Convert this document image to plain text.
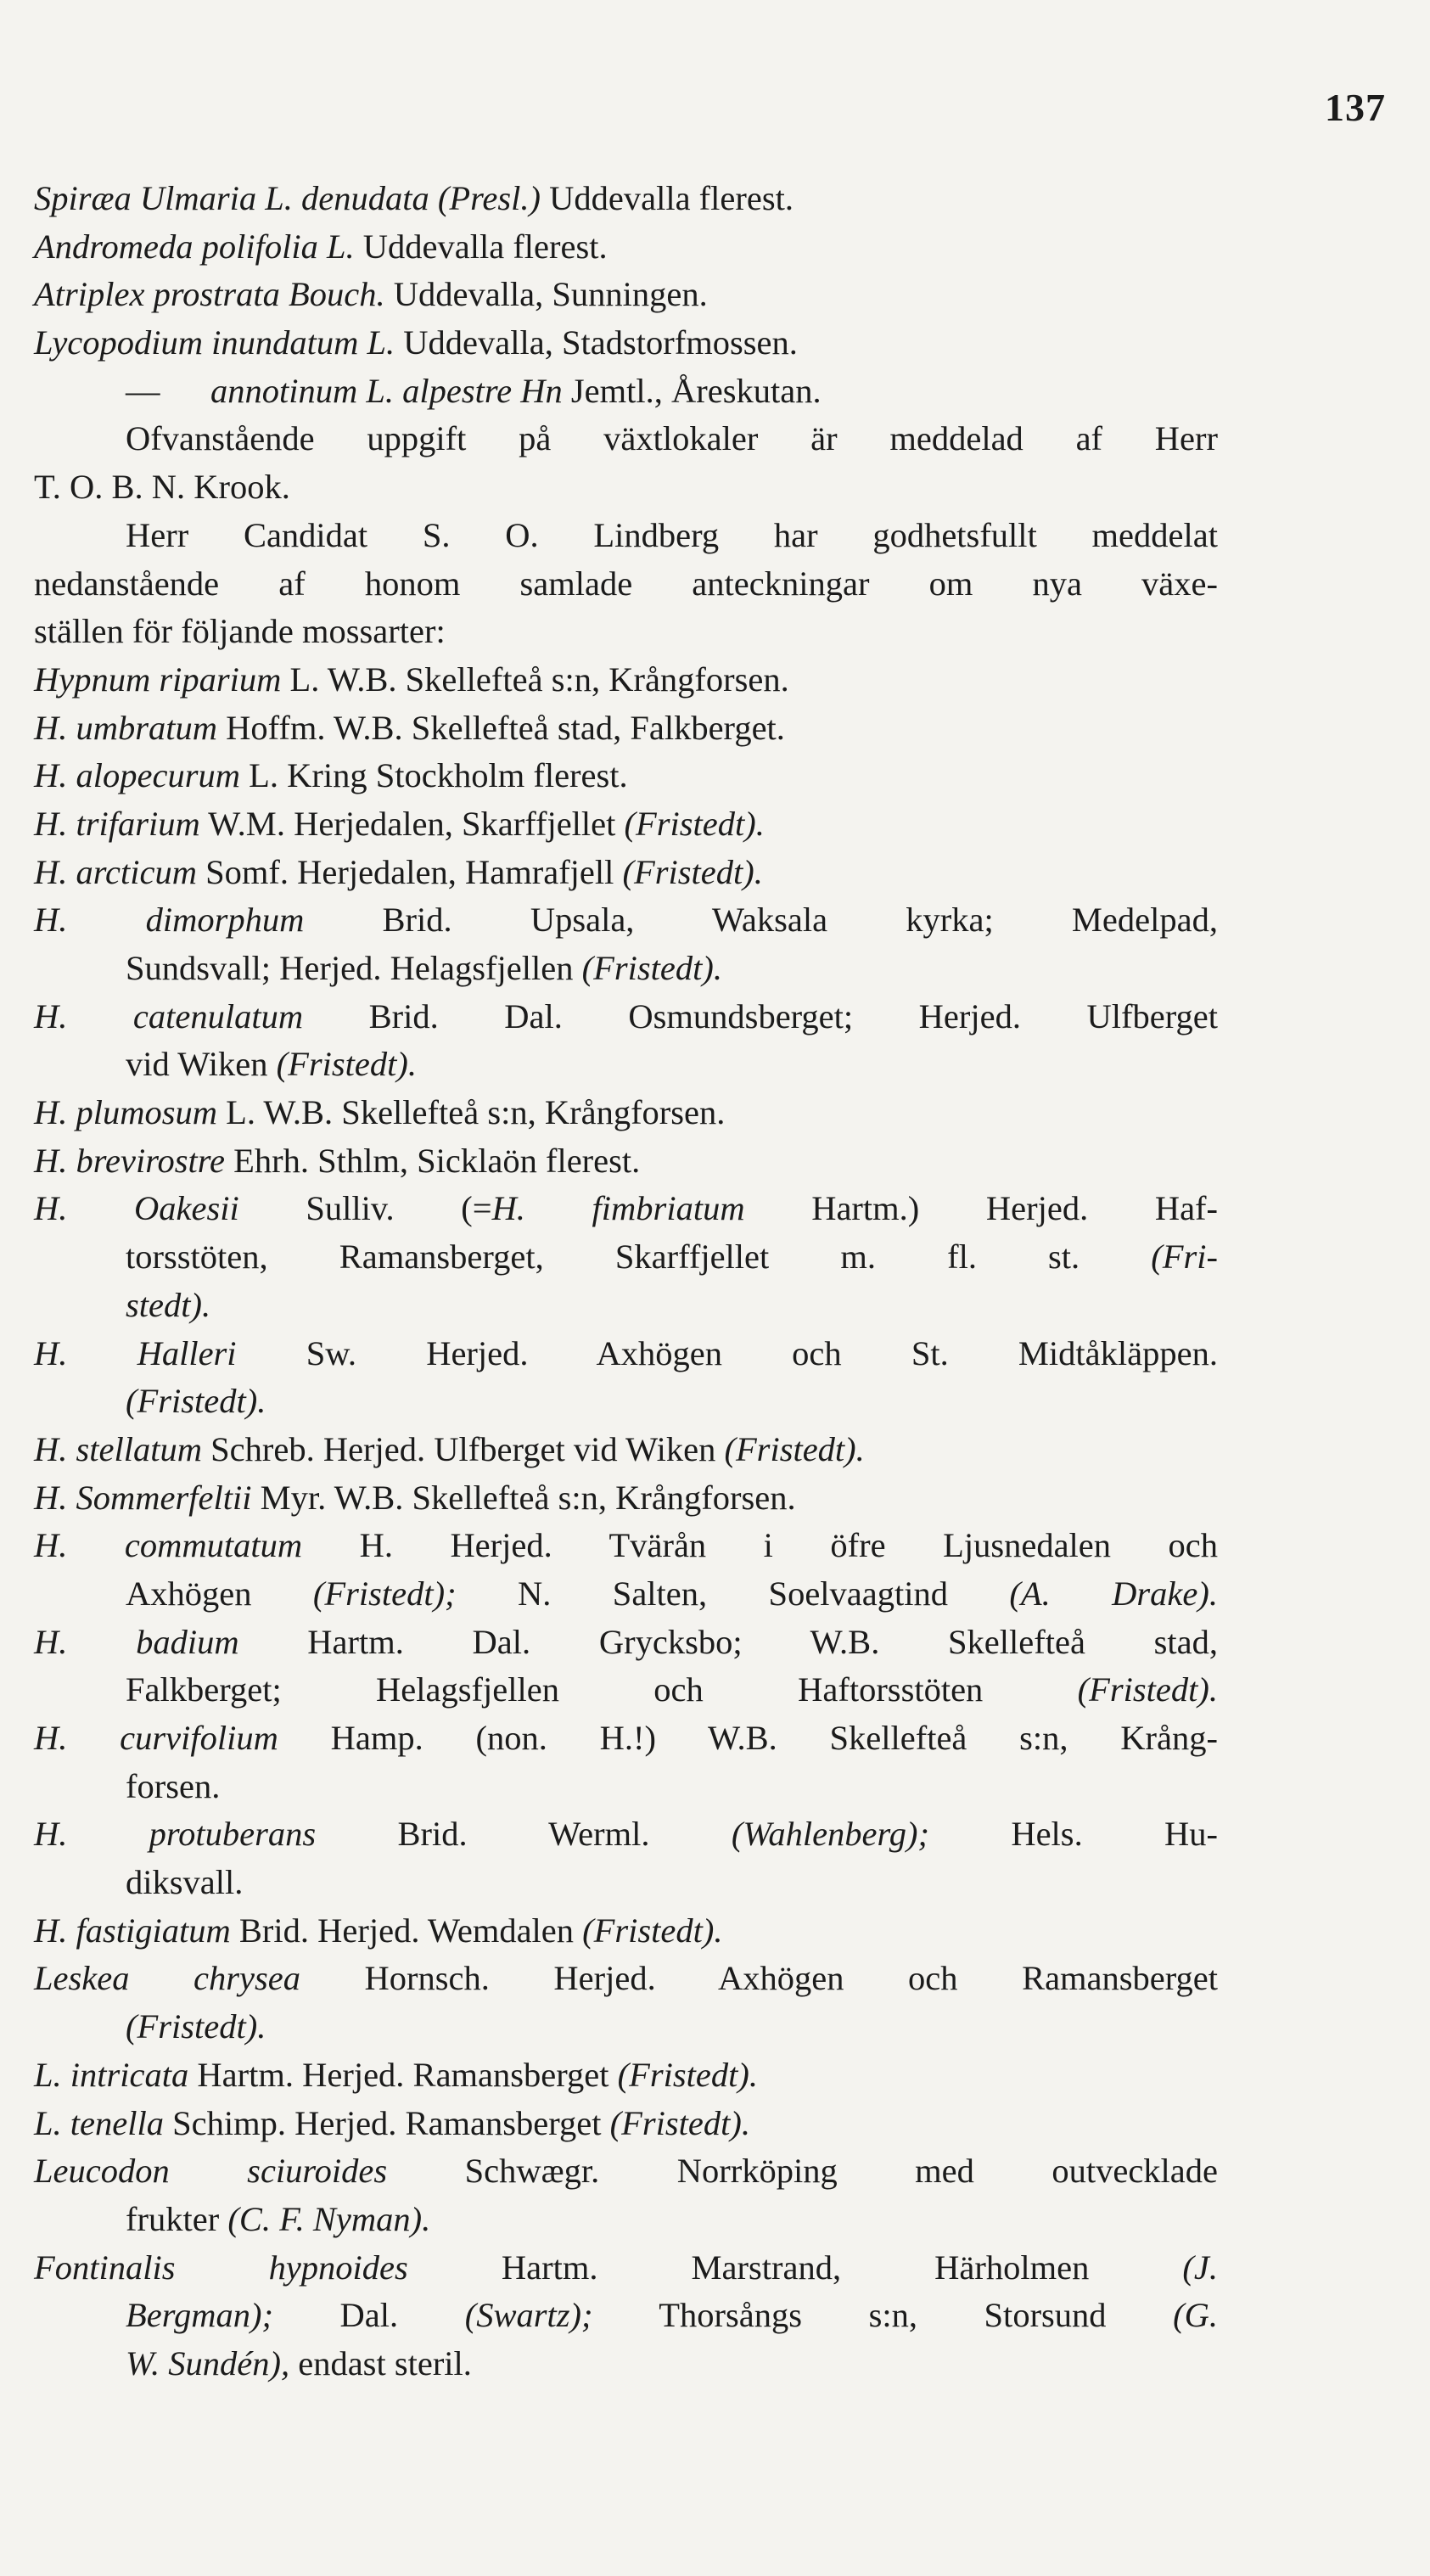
137
Spiræa Ulmaria L. denudata (Presl.) Uddevalla flerest.
Andromeda polifolia L. Uddevalla flerest.
Atriplex prostrata Bouch. Uddevalla, Sunningen.
Lycopodium inundatum L. Uddevalla, Stadstorfmossen.
— annotinum L. alpestre Hn Jemtl., Åreskutan.
Ofvanstående uppgift på växtlokaler är meddelad af Herr
T. O. B. N. Krook.
Herr Candidat S. O. Lindberg har godhetsfullt meddelat
nedanstående af honom samlade anteckningar om nya växe-
ställen för följande mossarter:
Hypnum riparium L. W.B. Skellefteå s:n, Krångforsen.
H. umbratum Hoffm. W.B. Skellefteå stad, Falkberget.
H. alopecurum L. Kring Stockholm flerest.
H. trifarium W.M. Herjedalen, Skarffjellet (Fristedt).
H. arcticum Somf. Herjedalen, Hamrafjell (Fristedt).
H. dimorphum Brid. Upsala, Waksala kyrka; Medelpad,
Sundsvall; Herjed. Helagsfjellen (Fristedt).
H. catenulatum Brid. Dal. Osmundsberget; Herjed. Ulfberget
vid Wiken (Fristedt).
H. plumosum L. W.B. Skellefteå s:n, Krångforsen.
H. brevirostre Ehrh. Sthlm, Sicklaön flerest.
H. Oakesii Sulliv. (=H. fimbriatum Hartm.) Herjed. Haf-
torsstöten, Ramansberget, Skarffjellet m. fl. st. (Fri-
stedt).
H. Halleri Sw. Herjed. Axhögen och St. Midtåkläppen.
(Fristedt).
H. stellatum Schreb. Herjed. Ulfberget vid Wiken (Fristedt).
H. Sommerfeltii Myr. W.B. Skellefteå s:n, Krångforsen.
H. commutatum H. Herjed. Tvärån i öfre Ljusnedalen och
Axhögen (Fristedt); N. Salten, Soelvaagtind (A. Drake).
H. badium Hartm. Dal. Grycksbo; W.B. Skellefteå stad,
Falkberget; Helagsfjellen och Haftorsstöten (Fristedt).
H. curvifolium Hamp. (non. H.!) W.B. Skellefteå s:n, Krång-
forsen.
H. protuberans Brid. Werml. (Wahlenberg); Hels. Hu-
diksvall.
H. fastigiatum Brid. Herjed. Wemdalen (Fristedt).
Leskea chrysea Hornsch. Herjed. Axhögen och Ramansberget
(Fristedt).
L. intricata Hartm. Herjed. Ramansberget (Fristedt).
L. tenella Schimp. Herjed. Ramansberget (Fristedt).
Leucodon sciuroides Schwægr. Norrköping med outvecklade
frukter (C. F. Nyman).
Fontinalis hypnoides Hartm. Marstrand, Härholmen (J.
Bergman); Dal. (Swartz); Thorsångs s:n, Storsund (G.
W. Sundén), endast steril.
